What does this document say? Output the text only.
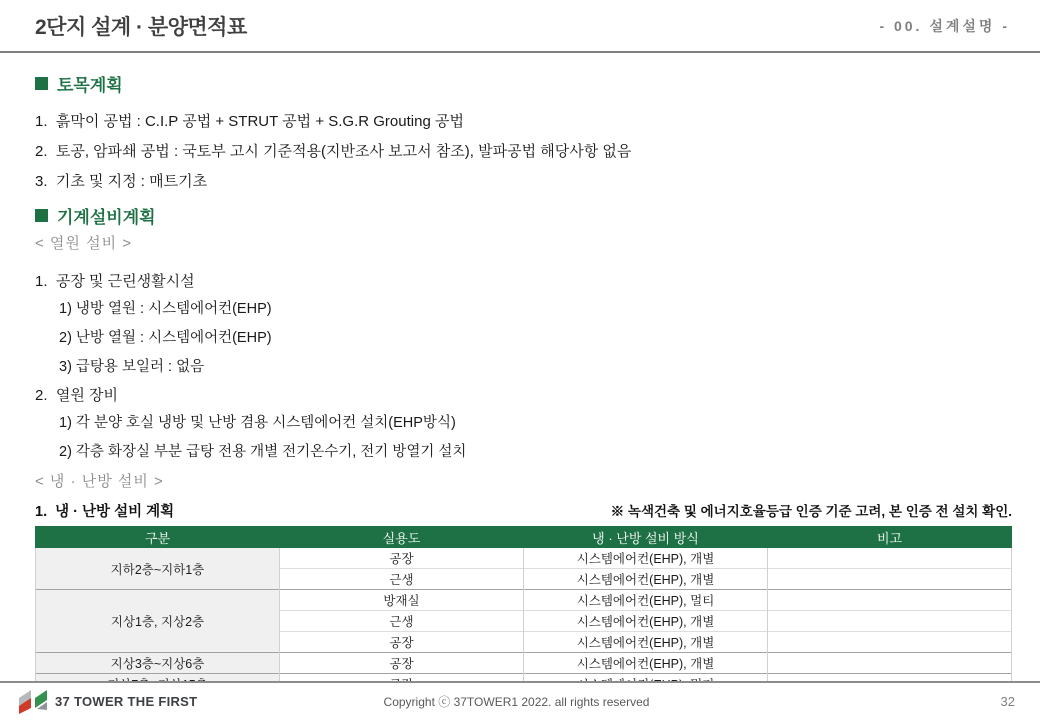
2단지 설계 · 분양면적표	- 00. 설계설명 -
토목계획
1.  흙막이 공법 : C.I.P 공법 + STRUT 공법 + S.G.R Grouting 공법
2.  토공, 암파쇄 공법 : 국토부 고시 기준적용(지반조사 보고서 참조), 발파공법 해당사항 없음
3.  기초 및 지정 : 매트기초
기계설비계획
< 열원 설비 >
1.  공장 및 근린생활시설
1) 냉방 열원 : 시스템에어컨(EHP)
2) 난방 열월 : 시스템에어컨(EHP)
3) 급탕용 보일러 : 없음
2.  열원 장비
1) 각 분양 호실 냉방 및 난방 겸용 시스템에어컨 설치(EHP방식)
2) 각층 화장실 부분 급탕 전용 개별 전기온수기, 전기 방열기 설치
< 냉 · 난방 설비 >
1.  냉 · 난방 설비 계획	※ 녹색건축 및 에너지호율등급 인증 기준 고려, 본 인증 전 설치 확인.
구분	실용도	냉 · 난방 설비 방식	비고
지하2층~지하1층	공장	시스템에어컨(EHP), 개별	
	근생	시스템에어컨(EHP), 개별	
지상1층, 지상2층	방재실	시스템에어컨(EHP), 멀티	
	근생	시스템에어컨(EHP), 개별	
	공장	시스템에어컨(EHP), 개별	
지상3층~지상6층	공장	시스템에어컨(EHP), 개별	

37 TOWER THE FIRST	Copyright ⓒ 37TOWER1 2022. all rights reserved	32
